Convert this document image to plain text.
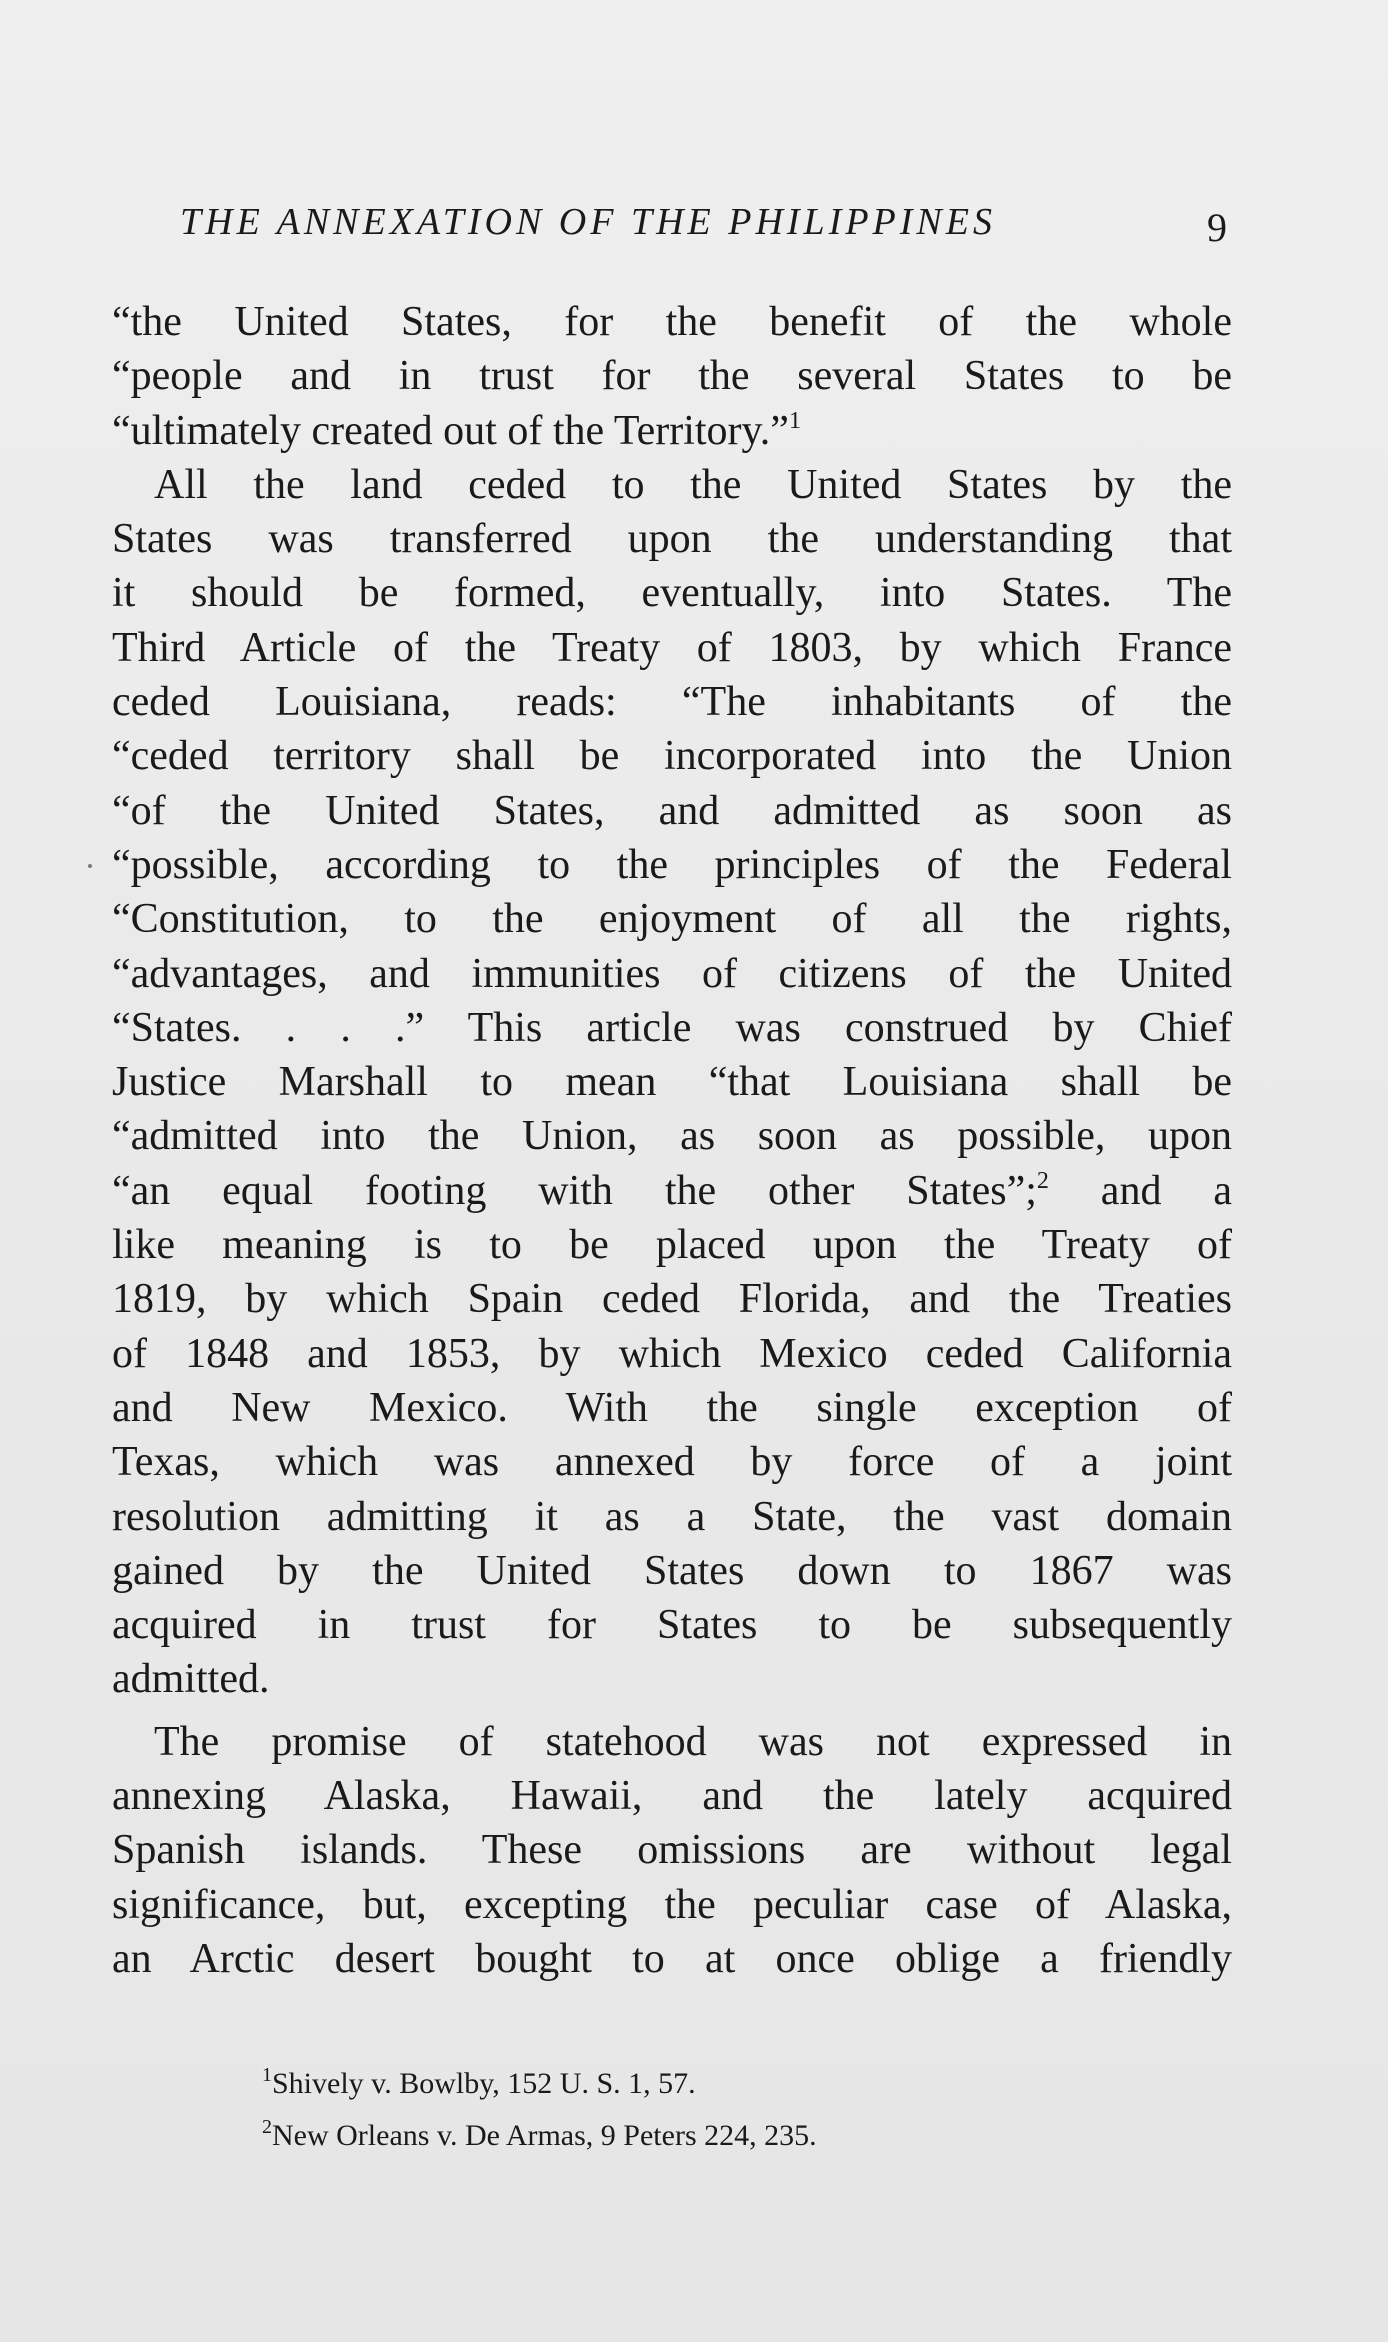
THE ANNEXATION OF THE PHILIPPINES	9
“the United States, for the benefit of the whole
“people and in trust for the several States to be
“ultimately created out of the Territory.”$^1$
All the land ceded to the United States by the
States was transferred upon the understanding that
it should be formed, eventually, into States. The
Third Article of the Treaty of 1803, by which France
ceded Louisiana, reads: “The inhabitants of the
“ceded territory shall be incorporated into the Union
“of the United States, and admitted as soon as
“possible, according to the principles of the Federal
“Constitution, to the enjoyment of all the rights,
“advantages, and immunities of citizens of the United
“States. . . .” This article was construed by Chief
Justice Marshall to mean “that Louisiana shall be
“admitted into the Union, as soon as possible, upon
“an equal footing with the other States”;$^2$ and a
like meaning is to be placed upon the Treaty of
1819, by which Spain ceded Florida, and the Treaties
of 1848 and 1853, by which Mexico ceded California
and New Mexico. With the single exception of
Texas, which was annexed by force of a joint
resolution admitting it as a State, the vast domain
gained by the United States down to 1867 was
acquired in trust for States to be subsequently
admitted.
The promise of statehood was not expressed in
annexing Alaska, Hawaii, and the lately acquired
Spanish islands. These omissions are without legal
significance, but, excepting the peculiar case of Alaska,
an Arctic desert bought to at once oblige a friendly
$^1$Shively v. Bowlby, 152 U. S. 1, 57.
$^2$New Orleans v. De Armas, 9 Peters 224, 235.
